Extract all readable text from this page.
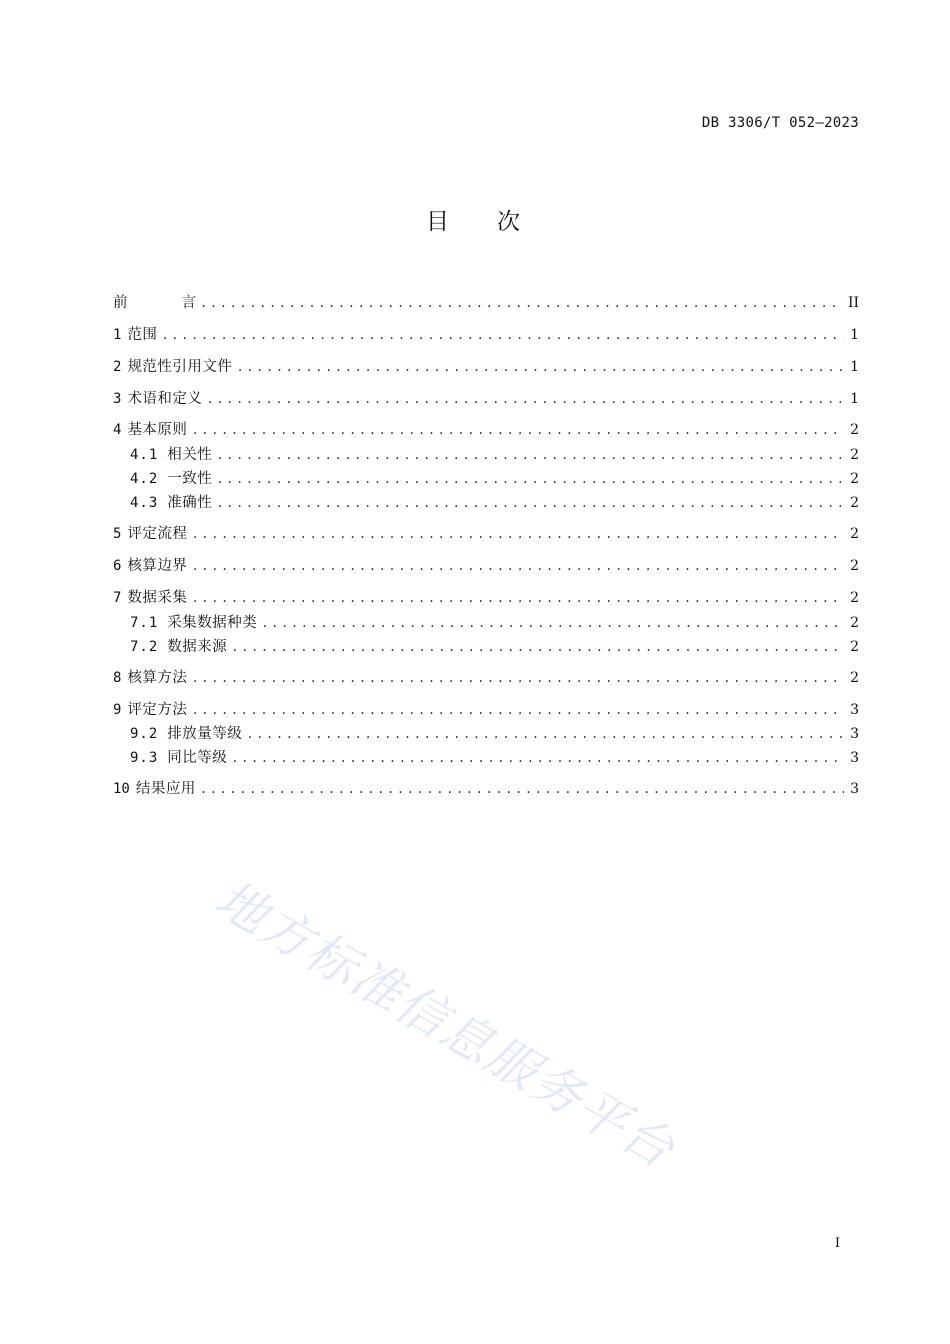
DB 3306/T 052—2023
目 次
前	言 . . .	II
1 范围 . . .	1
2 规范性引用文件 . . .	1
3 术语和定义 . . .	1
4 基本原则 . . .	2
4.1 相关性 . . .	2
4.2 一致性 . . .	2
4.3 准确性 . . .	2
5 评定流程 . . .	2
6 核算边界 . . .	2
7 数据采集 . . .	2
7.1 采集数据种类 . . .	2
7.2 数据来源 . . .	2
8 核算方法 . . .	2
9 评定方法 . . .	3
9.2 排放量等级 . . .	3
9.3 同比等级 . . .	3
10 结果应用 . . .	3
地方标准信息服务平台
I
